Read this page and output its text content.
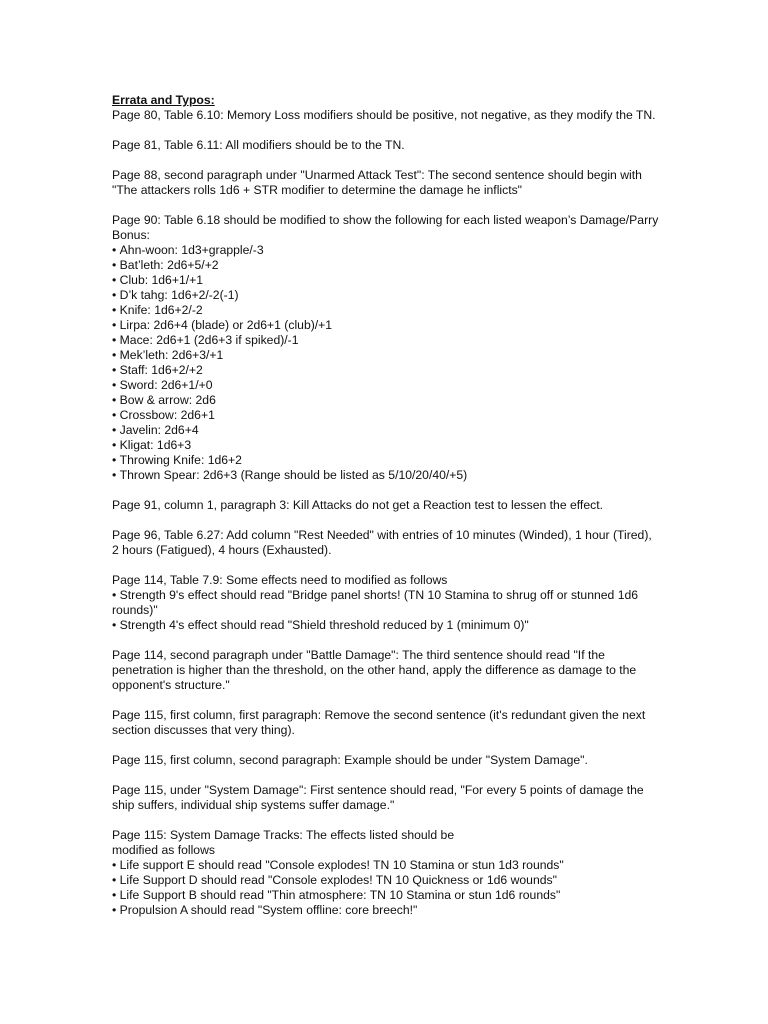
Errata and Typos:

Page 80, Table 6.10: Memory Loss modifiers should be positive, not negative, as they modify the TN.

Page 81, Table 6.11: All modifiers should be to the TN.

Page 88, second paragraph under "Unarmed Attack Test": The second sentence should begin with "The attackers rolls 1d6 + STR modifier to determine the damage he inflicts"

Page 90: Table 6.18 should be modified to show the following for each listed weapon’s Damage/Parry Bonus:
• Ahn-woon: 1d3+grapple/-3
• Bat’leth: 2d6+5/+2
• Club: 1d6+1/+1
• D’k tahg: 1d6+2/-2(-1)
• Knife: 1d6+2/-2
• Lirpa: 2d6+4 (blade) or 2d6+1 (club)/+1
• Mace: 2d6+1 (2d6+3 if spiked)/-1
• Mek’leth: 2d6+3/+1
• Staff: 1d6+2/+2
• Sword: 2d6+1/+0
• Bow & arrow: 2d6
• Crossbow: 2d6+1
• Javelin: 2d6+4
• Kligat: 1d6+3
• Throwing Knife: 1d6+2
• Thrown Spear: 2d6+3 (Range should be listed as 5/10/20/40/+5)

Page 91, column 1, paragraph 3: Kill Attacks do not get a Reaction test to lessen the effect.

Page 96, Table 6.27: Add column "Rest Needed" with entries of 10 minutes (Winded), 1 hour (Tired), 2 hours (Fatigued), 4 hours (Exhausted).

Page 114, Table 7.9: Some effects need to modified as follows
• Strength 9's effect should read "Bridge panel shorts! (TN 10 Stamina to shrug off or stunned 1d6 rounds)"
• Strength 4's effect should read "Shield threshold reduced by 1 (minimum 0)"

Page 114, second paragraph under "Battle Damage": The third sentence should read "If the penetration is higher than the threshold, on the other hand, apply the difference as damage to the opponent's structure."

Page 115, first column, first paragraph: Remove the second sentence (it's redundant given the next section discusses that very thing).

Page 115, first column, second paragraph: Example should be under "System Damage".

Page 115, under "System Damage": First sentence should read, "For every 5 points of damage the ship suffers, individual ship systems suffer damage."

Page 115: System Damage Tracks: The effects listed should be
modified as follows
• Life support E should read "Console explodes! TN 10 Stamina or stun 1d3 rounds"
• Life Support D should read "Console explodes! TN 10 Quickness or 1d6 wounds"
• Life Support B should read "Thin atmosphere: TN 10 Stamina or stun 1d6 rounds"
• Propulsion A should read "System offline: core breech!"
